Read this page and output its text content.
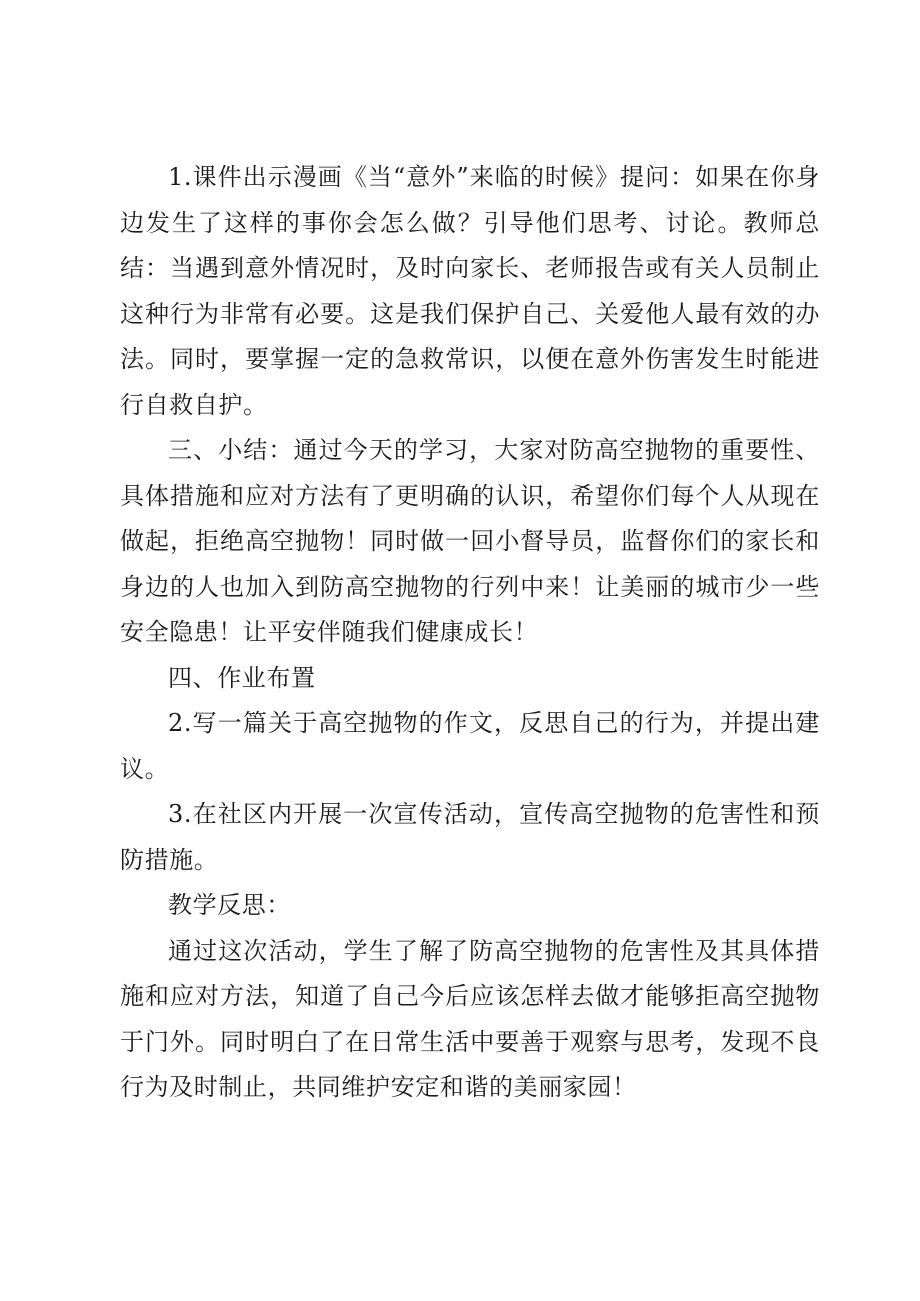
1.课件出示漫画《当“意外”来临的时候》提问：如果在你身边发生了这样的事你会怎么做？引导他们思考、讨论。教师总结：当遇到意外情况时，及时向家长、老师报告或有关人员制止这种行为非常有必要。这是我们保护自己、关爱他人最有效的办法。同时，要掌握一定的急救常识，以便在意外伤害发生时能进行自救自护。

三、小结：通过今天的学习，大家对防高空抛物的重要性、具体措施和应对方法有了更明确的认识，希望你们每个人从现在做起，拒绝高空抛物！同时做一回小督导员，监督你们的家长和身边的人也加入到防高空抛物的行列中来！让美丽的城市少一些安全隐患！让平安伴随我们健康成长！

四、作业布置

2.写一篇关于高空抛物的作文，反思自己的行为，并提出建议。

3.在社区内开展一次宣传活动，宣传高空抛物的危害性和预防措施。

教学反思：

通过这次活动，学生了解了防高空抛物的危害性及其具体措施和应对方法，知道了自己今后应该怎样去做才能够拒高空抛物于门外。同时明白了在日常生活中要善于观察与思考，发现不良行为及时制止，共同维护安定和谐的美丽家园！
